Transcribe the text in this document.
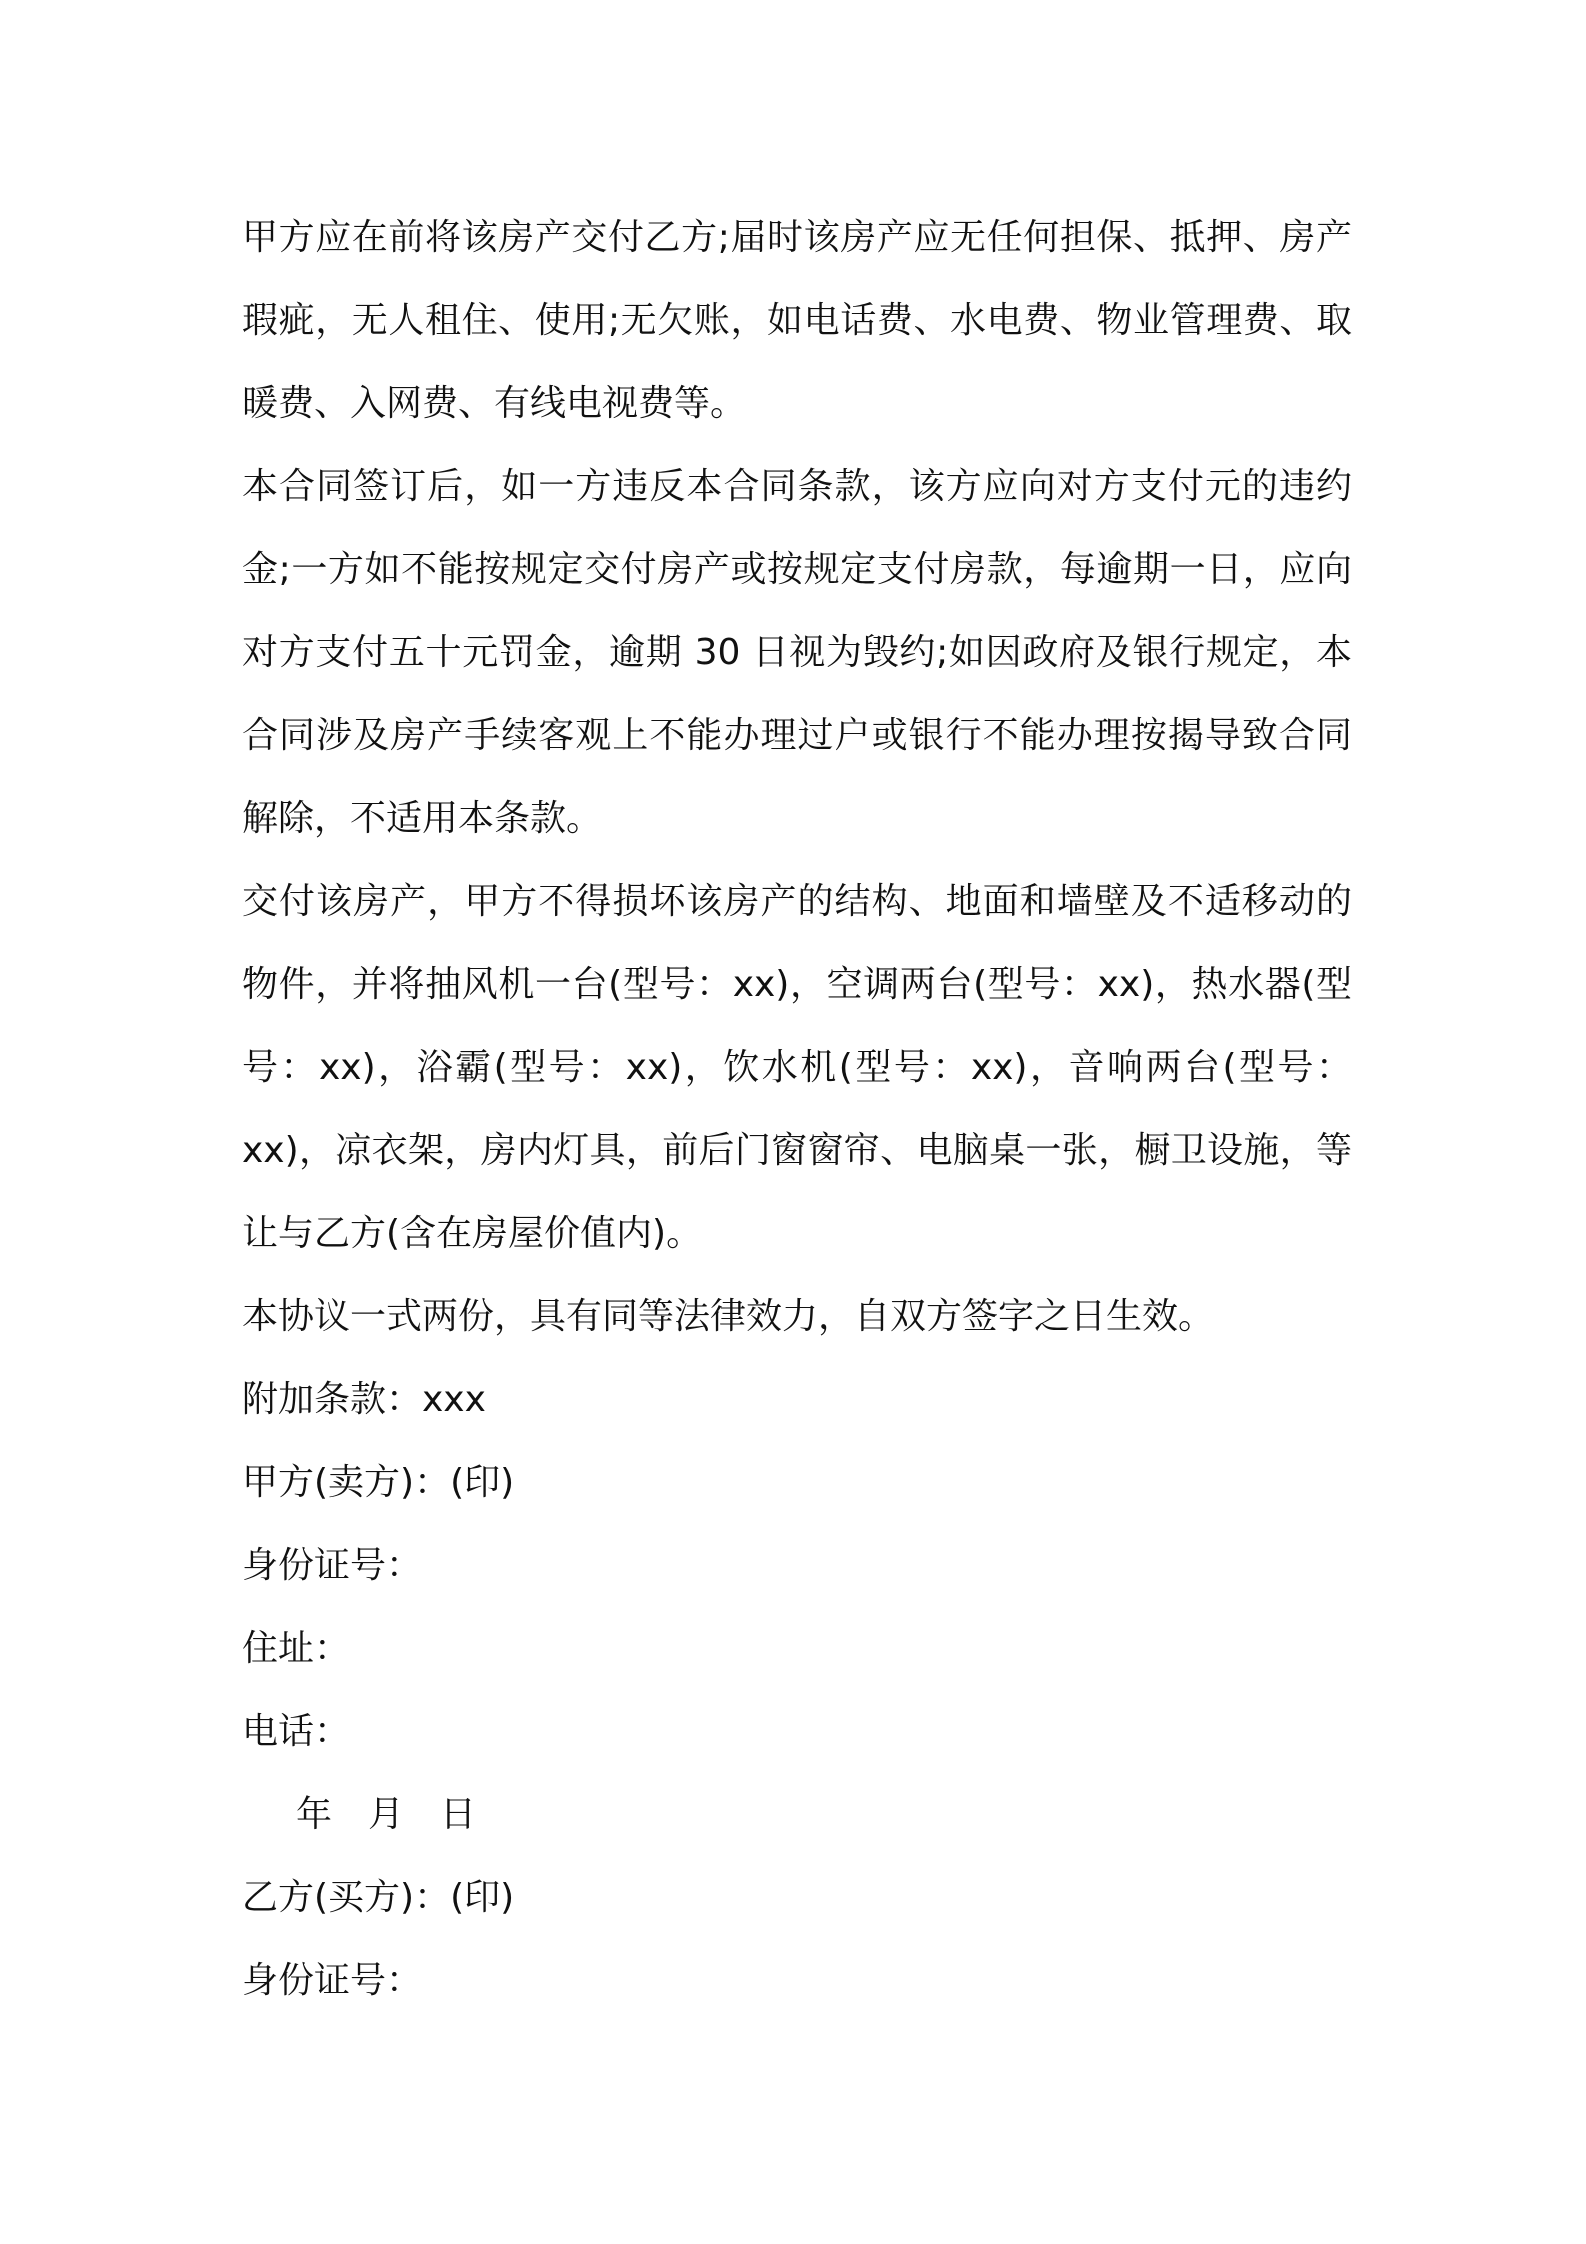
甲方应在前将该房产交付乙方;届时该房产应无任何担保、抵押、房产瑕疵，无人租住、使用;无欠账，如电话费、水电费、物业管理费、取暖费、入网费、有线电视费等。

本合同签订后，如一方违反本合同条款，该方应向对方支付元的违约金;一方如不能按规定交付房产或按规定支付房款，每逾期一日，应向对方支付五十元罚金，逾期 30 日视为毁约;如因政府及银行规定，本合同涉及房产手续客观上不能办理过户或银行不能办理按揭导致合同解除，不适用本条款。

交付该房产，甲方不得损坏该房产的结构、地面和墙壁及不适移动的物件，并将抽风机一台(型号：xx)，空调两台(型号：xx)，热水器(型号：xx)，浴霸(型号：xx)，饮水机(型号：xx)，音响两台(型号：xx)，凉衣架，房内灯具，前后门窗窗帘、电脑桌一张，橱卫设施，等让与乙方(含在房屋价值内)。

本协议一式两份，具有同等法律效力，自双方签字之日生效。

附加条款：xxx

甲方(卖方)：(印)

身份证号：

住址：

电话：

年　月　日

乙方(买方)：(印)

身份证号：
